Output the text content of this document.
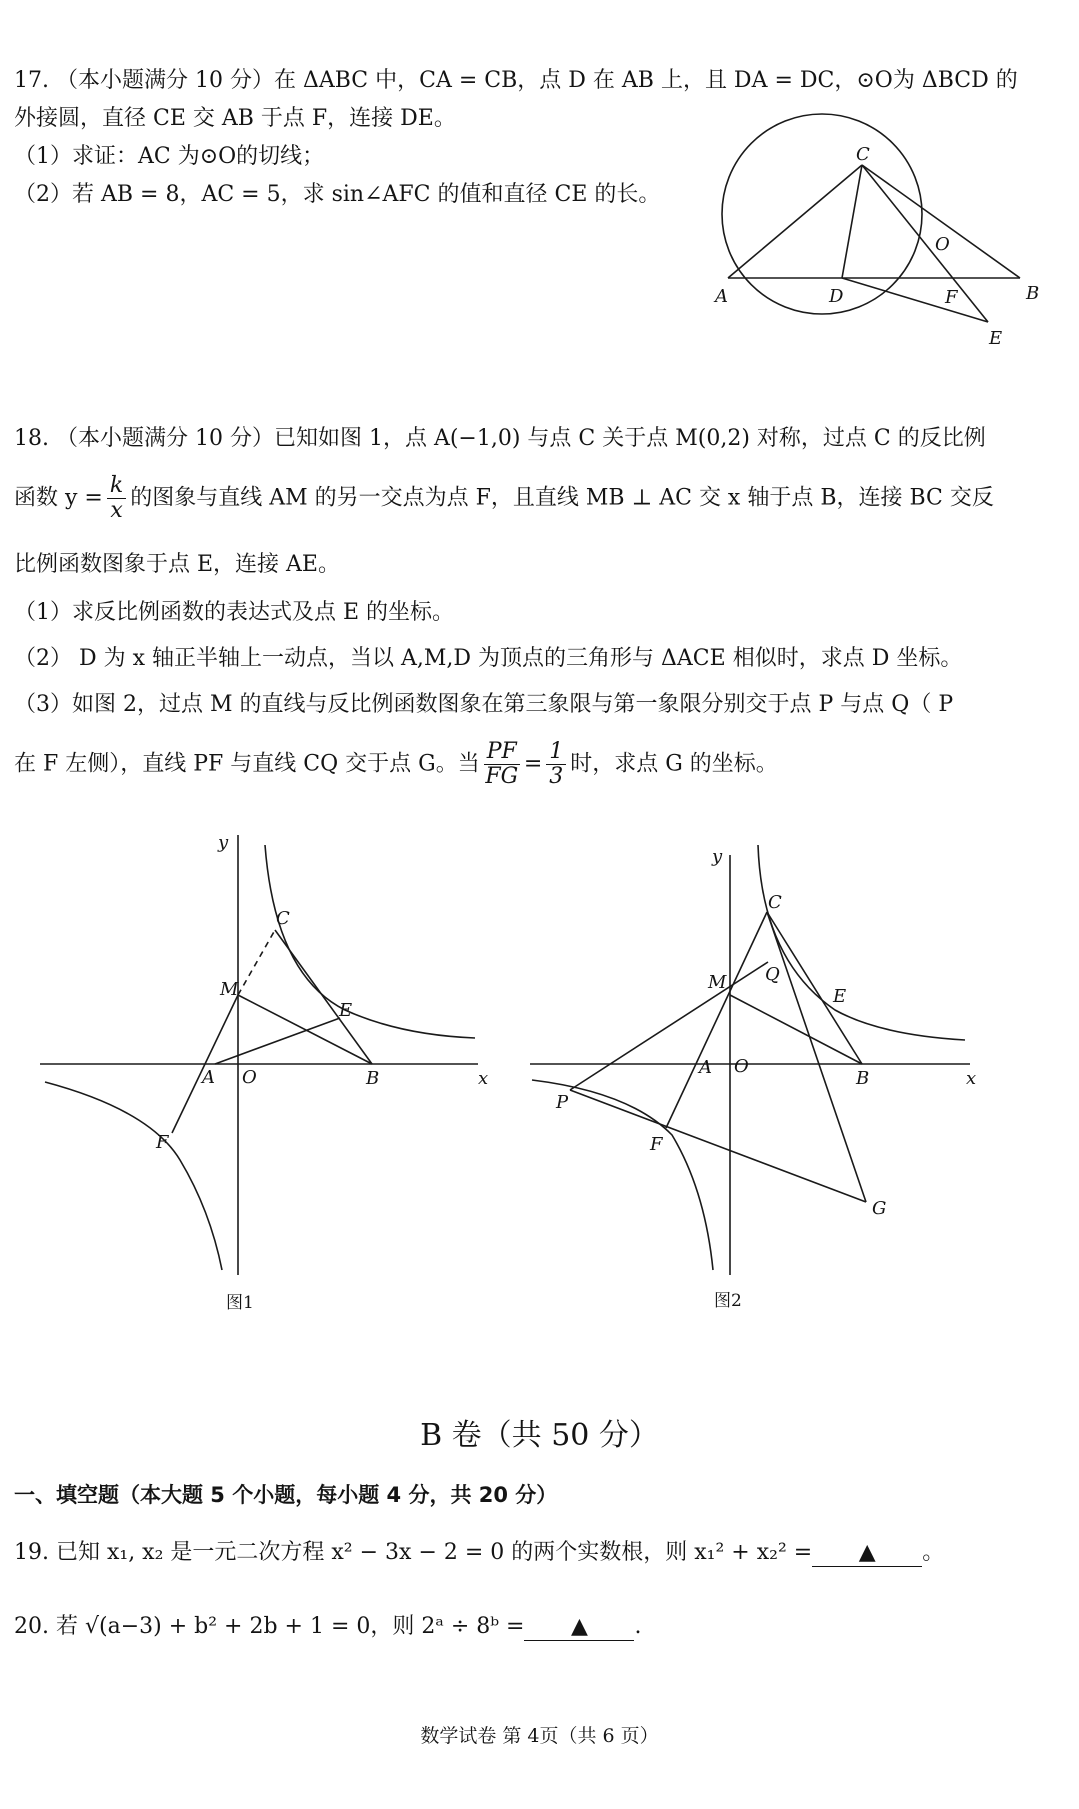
17. （本小题满分 10 分）在 ΔABC 中，CA = CB，点 D 在 AB 上，且 DA = DC，⊙O为 ΔBCD 的
外接圆，直径 CE 交 AB 于点 F，连接 DE。
（1）求证：AC 为⊙O的切线；
（2）若 AB = 8，AC = 5，求 sin∠AFC 的值和直径 CE 的长。
C
O
A	D	F	B
E
18. （本小题满分 10 分）已知如图 1，点 A(−1,0) 与点 C 关于点 M(0,2) 对称，过点 C 的反比例
函数 $y = \frac{k}{x}$ 的图象与直线 AM 的另一交点为点 F，且直线 MB ⊥ AC 交 x 轴于点 B，连接 BC 交反
比例函数图象于点 E，连接 AE。
（1）求反比例函数的表达式及点 E 的坐标。
（2） D 为 x 轴正半轴上一动点，当以 A,M,D 为顶点的三角形与 ΔACE 相似时，求点 D 坐标。
（3）如图 2，过点 M 的直线与反比例函数图象在第三象限与第一象限分别交于点 P 与点 Q（ P
在 F 左侧），直线 PF 与直线 CQ 交于点 G。当 $\frac{PF}{FG} = \frac{1}{3}$ 时，求点 G 的坐标。
y
x
C
M
E
A O	B
F
图1
y
x
C
M Q
E
A O
B
P
F
G
图2
B 卷（共 50 分）
一、填空题（本大题 5 个小题，每小题 4 分，共 20 分）
19. 已知 x₁, x₂ 是一元二次方程 x² − 3x − 2 = 0 的两个实数根，则 x₁² + x₂² = ▲ 。
20. 若 √(a−3) + b² + 2b + 1 = 0，则 2ᵃ ÷ 8ᵇ = ▲ .
数学试卷 第 4页（共 6 页）
